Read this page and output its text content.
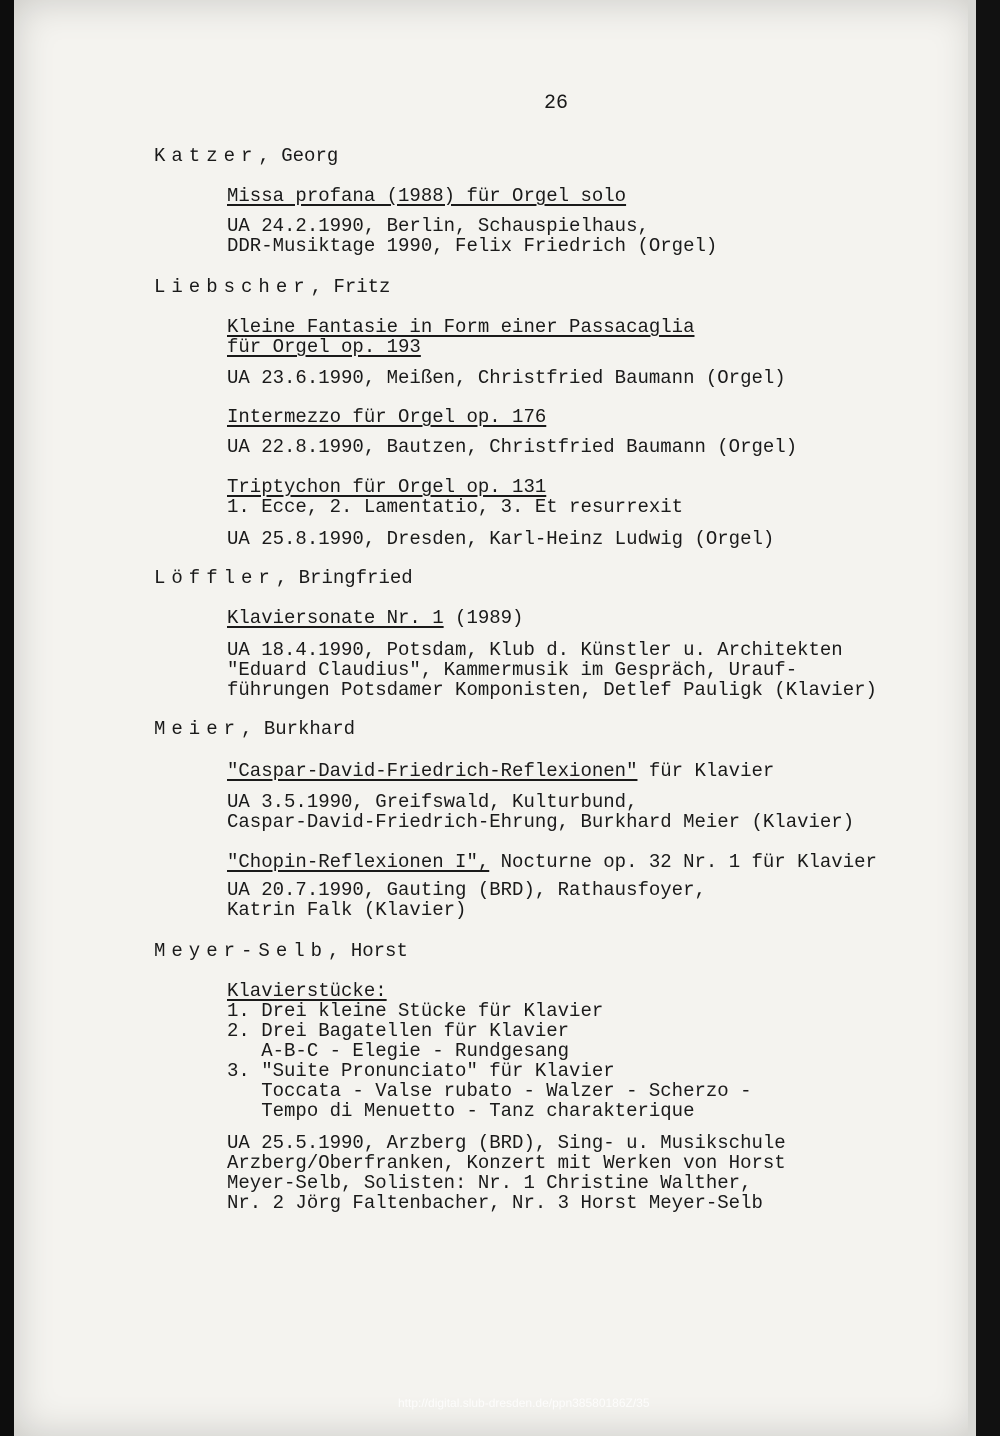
26
Katzer, Georg
Missa profana (1988) für Orgel solo
UA 24.2.1990, Berlin, Schauspielhaus,
DDR-Musiktage 1990, Felix Friedrich (Orgel)
Liebscher, Fritz
Kleine Fantasie in Form einer Passacaglia
für Orgel op. 193
UA 23.6.1990, Meißen, Christfried Baumann (Orgel)
Intermezzo für Orgel op. 176
UA 22.8.1990, Bautzen, Christfried Baumann (Orgel)
Triptychon für Orgel op. 131
1. Ecce, 2. Lamentatio, 3. Et resurrexit
UA 25.8.1990, Dresden, Karl-Heinz Ludwig (Orgel)
Löffler, Bringfried
Klaviersonate Nr. 1 (1989)
UA 18.4.1990, Potsdam, Klub d. Künstler u. Architekten
"Eduard Claudius", Kammermusik im Gespräch, Urauf-
führungen Potsdamer Komponisten, Detlef Pauligk (Klavier)
Meier, Burkhard
"Caspar-David-Friedrich-Reflexionen" für Klavier
UA 3.5.1990, Greifswald, Kulturbund,
Caspar-David-Friedrich-Ehrung, Burkhard Meier (Klavier)
"Chopin-Reflexionen I", Nocturne op. 32 Nr. 1 für Klavier
UA 20.7.1990, Gauting (BRD), Rathausfoyer,
Katrin Falk (Klavier)
Meyer-Selb, Horst
Klavierstücke:
1. Drei kleine Stücke für Klavier
2. Drei Bagatellen für Klavier
A-B-C - Elegie - Rundgesang
3. "Suite Pronunciato" für Klavier
Toccata - Valse rubato - Walzer - Scherzo -
Tempo di Menuetto - Tanz charakterique
UA 25.5.1990, Arzberg (BRD), Sing- u. Musikschule
Arzberg/Oberfranken, Konzert mit Werken von Horst
Meyer-Selb, Solisten: Nr. 1 Christine Walther,
Nr. 2 Jörg Faltenbacher, Nr. 3 Horst Meyer-Selb
http://digital.slub-dresden.de/ppn38580186Z/35
